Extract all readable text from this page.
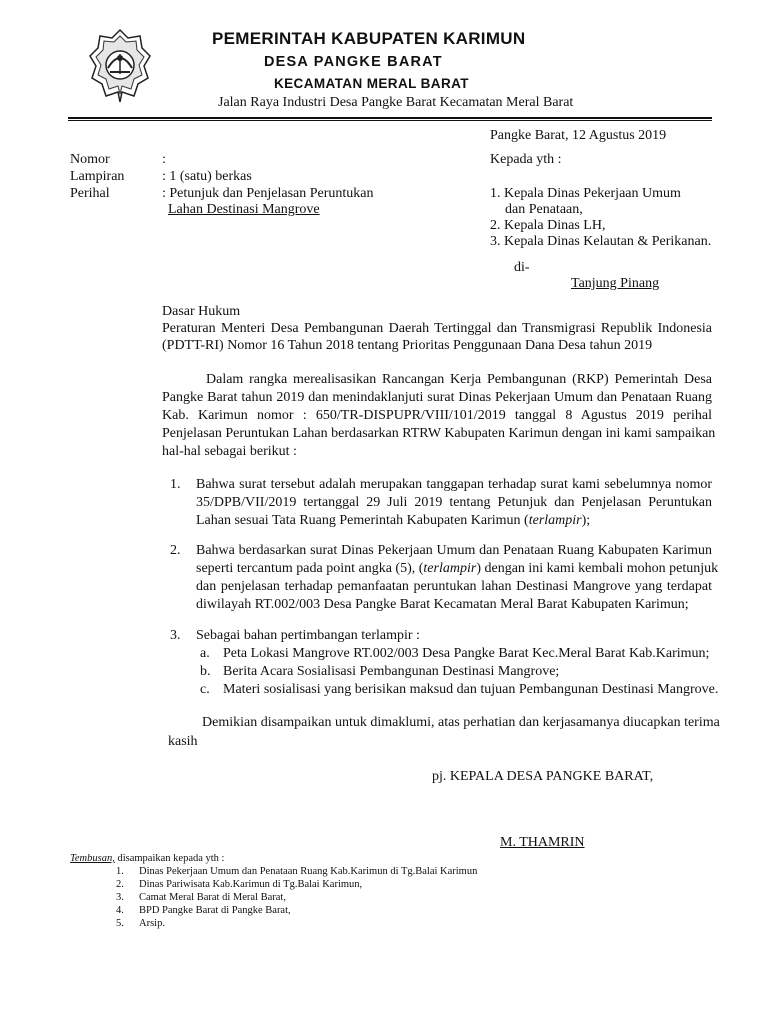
PEMERINTAH KABUPATEN KARIMUN
DESA PANGKE BARAT
KECAMATAN MERAL BARAT
Jalan Raya Industri Desa Pangke Barat Kecamatan Meral Barat
Pangke Barat, 12 Agustus 2019
Nomor	:
Lampiran	: 1 (satu) berkas
Perihal	: Petunjuk dan Penjelasan Peruntukan
Lahan Destinasi Mangrove
Kepada yth :
1. Kepala Dinas Pekerjaan Umum
dan Penataan,
2. Kepala Dinas LH,
3. Kepala Dinas Kelautan & Perikanan.
di-
Tanjung Pinang
Dasar Hukum
Peraturan Menteri Desa Pembangunan Daerah Tertinggal dan Transmigrasi Republik Indonesia
(PDTT-RI) Nomor 16 Tahun 2018 tentang Prioritas Penggunaan Dana Desa tahun 2019
Dalam rangka merealisasikan Rancangan Kerja Pembangunan (RKP) Pemerintah Desa
Pangke Barat tahun 2019 dan menindaklanjuti surat Dinas Pekerjaan Umum dan Penataan Ruang
Kab. Karimun nomor : 650/TR-DISPUPR/VIII/101/2019 tanggal 8 Agustus 2019 perihal
Penjelasan Peruntukan Lahan berdasarkan RTRW Kabupaten Karimun dengan ini kami sampaikan
hal-hal sebagai berikut :
1. Bahwa surat tersebut adalah merupakan tanggapan terhadap surat kami sebelumnya nomor
35/DPB/VII/2019 tertanggal 29 Juli 2019 tentang Petunjuk dan Penjelasan Peruntukan
Lahan sesuai Tata Ruang Pemerintah Kabupaten Karimun (terlampir);
2. Bahwa berdasarkan surat Dinas Pekerjaan Umum dan Penataan Ruang Kabupaten Karimun
seperti tercantum pada point angka (5), (terlampir) dengan ini kami kembali mohon petunjuk
dan penjelasan terhadap pemanfaatan peruntukan lahan Destinasi Mangrove yang terdapat
diwilayah RT.002/003 Desa Pangke Barat Kecamatan Meral Barat Kabupaten Karimun;
3. Sebagai bahan pertimbangan terlampir :
a. Peta Lokasi Mangrove RT.002/003 Desa Pangke Barat Kec.Meral Barat Kab.Karimun;
b. Berita Acara Sosialisasi Pembangunan Destinasi Mangrove;
c. Materi sosialisasi yang berisikan maksud dan tujuan Pembangunan Destinasi Mangrove.
Demikian disampaikan untuk dimaklumi, atas perhatian dan kerjasamanya diucapkan terima
kasih
pj. KEPALA DESA PANGKE BARAT,
M. THAMRIN
Tembusan, disampaikan kepada yth :
1. Dinas Pekerjaan Umum dan Penataan Ruang Kab.Karimun di Tg.Balai Karimun
2. Dinas Pariwisata Kab.Karimun di Tg.Balai Karimun,
3. Camat Meral Barat di Meral Barat,
4. BPD Pangke Barat di Pangke Barat,
5. Arsip.
